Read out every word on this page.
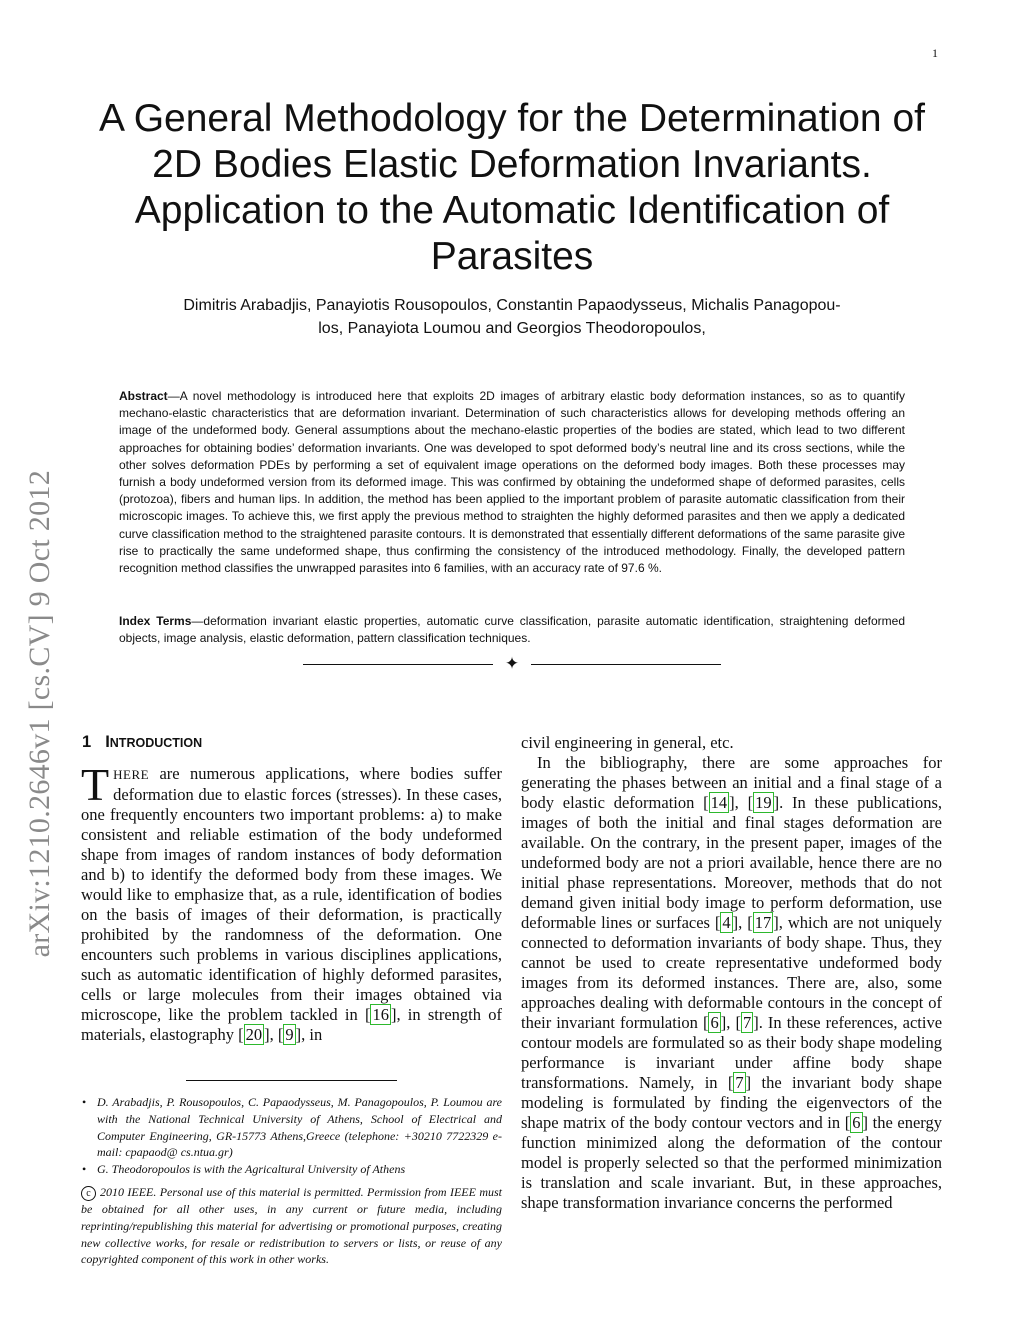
1
arXiv:1210.2646v1 [cs.CV] 9 Oct 2012
A General Methodology for the Determination of
2D Bodies Elastic Deformation Invariants.
Application to the Automatic Identification of
Parasites
Dimitris Arabadjis, Panayiotis Rousopoulos, Constantin Papaodysseus, Michalis Panagopou-
los, Panayiota Loumou and Georgios Theodoropoulos,

Abstract—A novel methodology is introduced here that exploits 2D images of arbitrary elastic body deformation instances, so as to quantify mechano-elastic characteristics that are deformation invariant. Determination of such characteristics allows for developing methods offering an image of the undeformed body. General assumptions about the mechano-elastic properties of the bodies are stated, which lead to two different approaches for obtaining bodies’ deformation invariants. One was developed to spot deformed body’s neutral line and its cross sections, while the other solves deformation PDEs by performing a set of equivalent image operations on the deformed body images. Both these processes may furnish a body undeformed version from its deformed image. This was confirmed by obtaining the undeformed shape of deformed parasites, cells (protozoa), fibers and human lips. In addition, the method has been applied to the important problem of parasite automatic classification from their microscopic images. To achieve this, we first apply the previous method to straighten the highly deformed parasites and then we apply a dedicated curve classification method to the straightened parasite contours. It is demonstrated that essentially different deformations of the same parasite give rise to practically the same undeformed shape, thus confirming the consistency of the introduced methodology. Finally, the developed pattern recognition method classifies the unwrapped parasites into 6 families, with an accuracy rate of 97.6 %.

Index Terms—deformation invariant elastic properties, automatic curve classification, parasite automatic identification, straightening deformed objects, image analysis, elastic deformation, pattern classification techniques.

✦
1 INTRODUCTION

THERE are numerous applications, where bodies suffer deformation due to elastic forces (stresses). In these cases, one frequently encounters two important problems: a) to make consistent and reliable estimation of the body undeformed shape from images of random instances of body deformation and b) to identify the deformed body from these images. We would like to emphasize that, as a rule, identification of bodies on the basis of images of their deformation, is practically prohibited by the randomness of the deformation. One encounters such problems in various disciplines applications, such as automatic identification of highly deformed parasites, cells or large molecules from their images obtained via microscope, like the problem tackled in [ 16 ], in strength of materials, elastography [ 20 ], [ 9 ], in

• D. Arabadjis, P. Rousopoulos, C. Papaodysseus, M. Panagopoulos, P. Loumou are with the National Technical University of Athens, School of Electrical and Computer Engineering, GR-15773 Athens,Greece (telephone: +30210 7722329 e-mail: cpapaod@ cs.ntua.gr)
• G. Theodoropoulos is with the Agricaltural University of Athens
c 2010 IEEE. Personal use of this material is permitted. Permission from IEEE must be obtained for all other uses, in any current or future media, including reprinting/republishing this material for advertising or promotional purposes, creating new collective works, for resale or redistribution to servers or lists, or reuse of any copyrighted component of this work in other works.

civil engineering in general, etc.

In the bibliography, there are some approaches for generating the phases between an initial and a final stage of a body elastic deformation [ 14 ], [ 19 ]. In these publications, images of both the initial and final stages deformation are available. On the contrary, in the present paper, images of the undeformed body are not a priori available, hence there are no initial phase representations. Moreover, methods that do not demand given initial body image to perform deformation, use deformable lines or surfaces [ 4 ], [ 17 ], which are not uniquely connected to deformation invariants of body shape. Thus, they cannot be used to create representative undeformed body images from its deformed instances. There are, also, some approaches dealing with deformable contours in the concept of their invariant formulation [ 6 ], [ 7 ]. In these references, active contour models are formulated so as their body shape modeling performance is invariant under affine body shape transformations. Namely, in [ 7 ] the invariant body shape modeling is formulated by finding the eigenvectors of the shape matrix of the body contour vectors and in [ 6 ] the energy function minimized along the deformation of the contour model is properly selected so that the performed minimization is translation and scale invariant. But, in these approaches, shape transformation invariance concerns the performed
